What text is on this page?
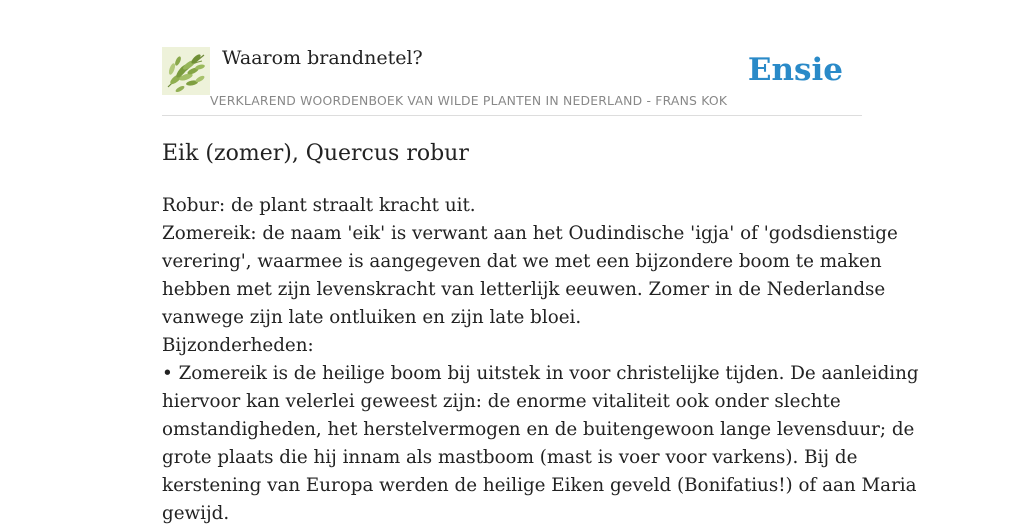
Waarom brandnetel?	Ensie
VERKLAREND WOORDENBOEK VAN WILDE PLANTEN IN NEDERLAND - FRANS KOK
Eik (zomer), Quercus robur

Robur: de plant straalt kracht uit.

Zomereik: de naam 'eik' is verwant aan het Oudindische 'igja' of 'godsdienstige

verering', waarmee is aangegeven dat we met een bijzondere boom te maken

hebben met zijn levenskracht van letterlijk eeuwen. Zomer in de Nederlandse

vanwege zijn late ontluiken en zijn late bloei.

Bijzonderheden:

• Zomereik is de heilige boom bij uitstek in voor christelijke tijden. De aanleiding

hiervoor kan velerlei geweest zijn: de enorme vitaliteit ook onder slechte

omstandigheden, het herstelvermogen en de buitengewoon lange levensduur; de

grote plaats die hij innam als mastboom (mast is voer voor varkens). Bij de

kerstening van Europa werden de heilige Eiken geveld (Bonifatius!) of aan Maria

gewijd.
